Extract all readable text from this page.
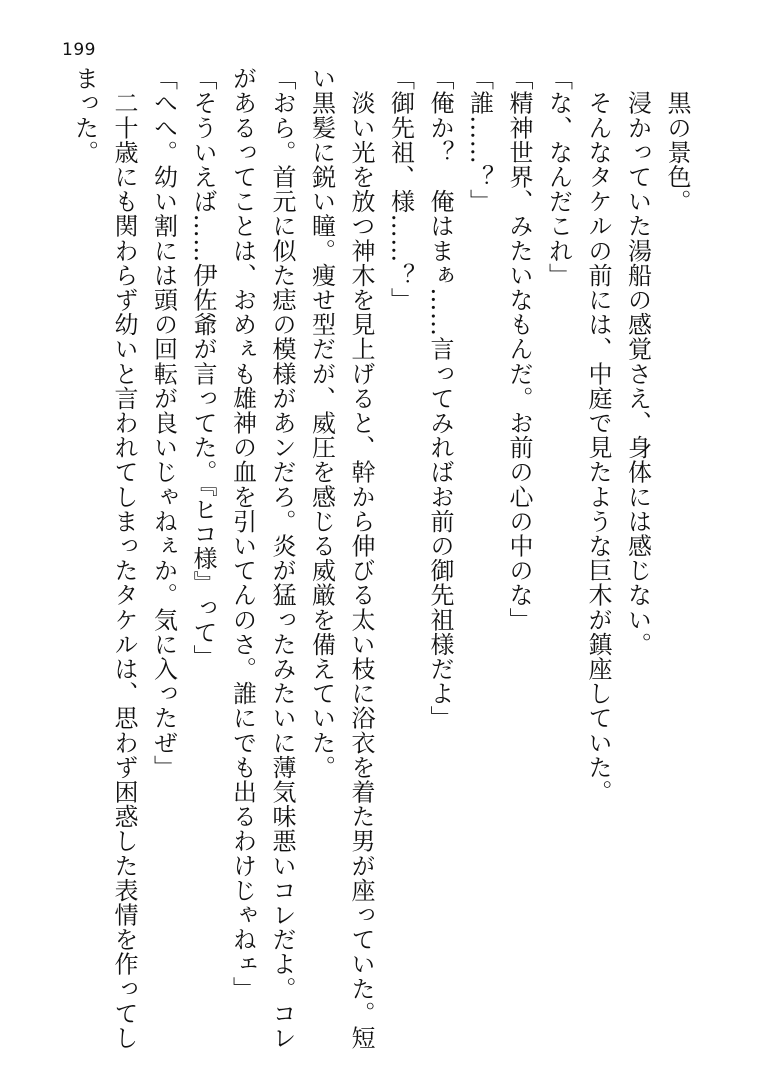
199
　黒の景色。
　浸かっていた湯船の感覚さえ、身体には感じない。
　そんなタケルの前には、中庭で見たような巨木が鎮座していた。
「な、なんだこれ」
「精神世界、みたいなもんだ。お前の心の中のな」
「誰……？」
「俺か？　俺はまぁ……言ってみればお前の御先祖様だよ」
「御先祖、様……？」
　淡い光を放つ神木を見上げると、幹から伸びる太い枝に浴衣を着た男が座っていた。短
い黒髪に鋭い瞳。痩せ型だが、威圧を感じる威厳を備えていた。
「おら。首元に似た痣の模様があンだろ。炎が猛ったみたいに薄気味悪いコレだよ。コレ
があるってことは、おめぇも雄神の血を引いてんのさ。誰にでも出るわけじゃねェ」
「そういえば……伊佐爺が言ってた。『ヒコ様』って」
「へへ。幼い割には頭の回転が良いじゃねぇか。気に入ったぜ」
　二十歳にも関わらず幼いと言われてしまったタケルは、思わず困惑した表情を作ってし
まった。
